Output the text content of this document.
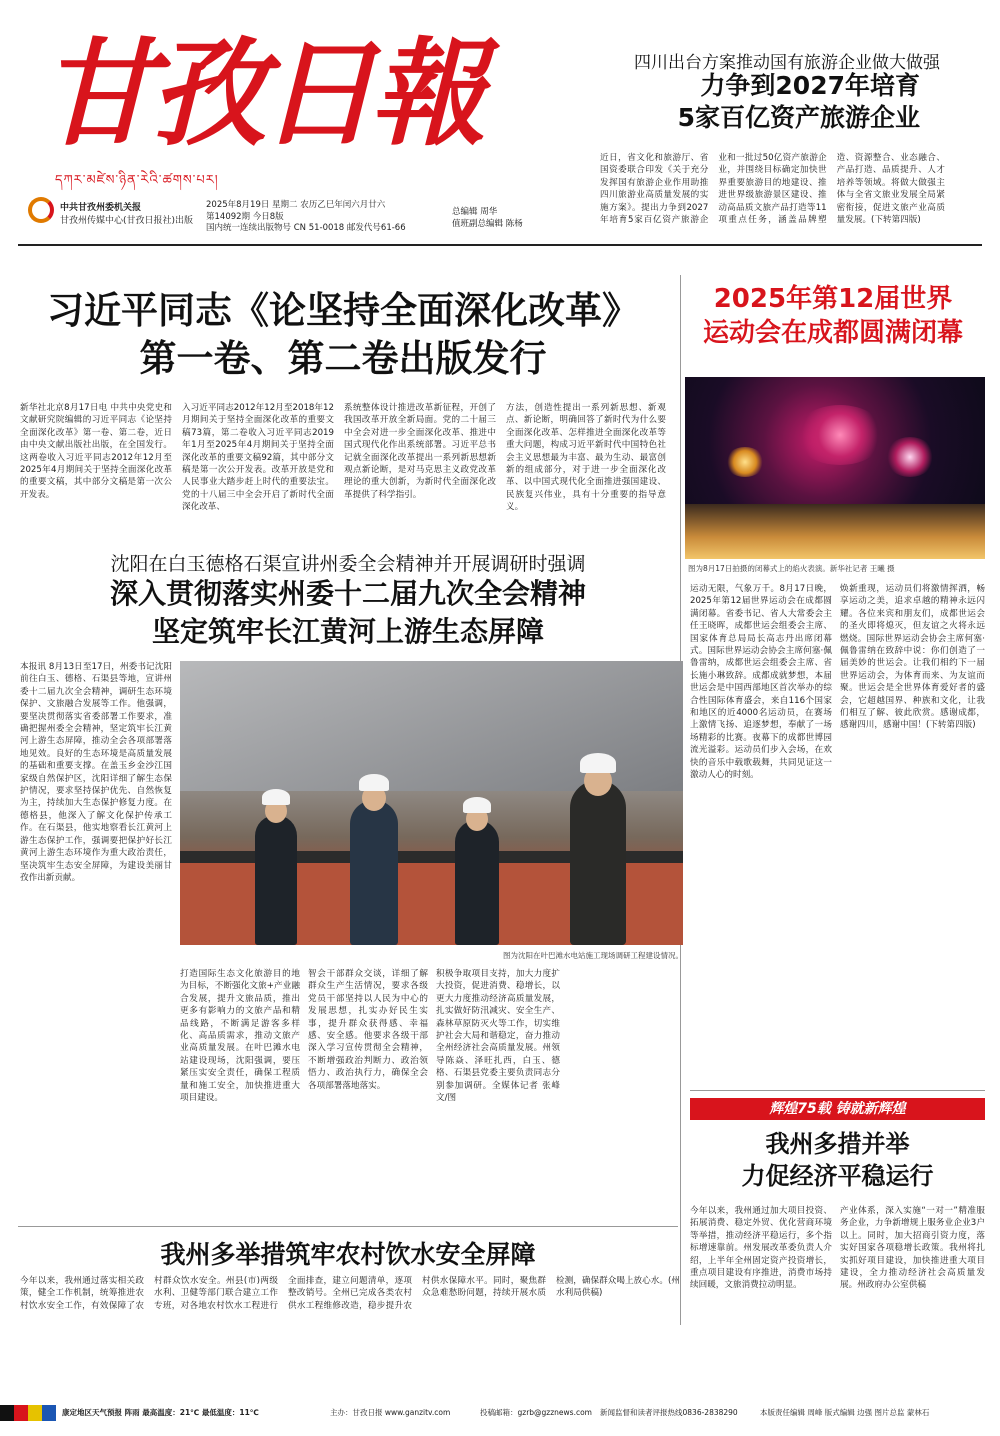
甘孜日報
དཀར་མཛེས་ཉིན་རེའི་ཚགས་པར།
中共甘孜州委机关报
甘孜州传媒中心(甘孜日报社)出版
2025年8月19日 星期二 农历乙巳年闰六月廿六
第14092期 今日8版
国内统一连续出版物号 CN 51-0018 邮发代号61-66
总编辑 周华
值班副总编辑 陈杨
四川出台方案推动国有旅游企业做大做强
力争到2027年培育
5家百亿资产旅游企业
近日，省文化和旅游厅、省国资委联合印发《关于充分发挥国有旅游企业作用助推四川旅游业高质量发展的实施方案》。提出力争到2027年培育5家百亿资产旅游企业和一批过50亿资产旅游企业，并围绕目标确定加快世界重要旅游目的地建设、推进世界级旅游景区建设、推动高品质文旅产品打造等11项重点任务，涵盖品牌塑造、资源整合、业态融合、产品打造、品质提升、人才培养等领域。将做大做强主体与全省文旅业发展全局紧密衔接，促进文旅产业高质量发展。(下转第四版)
习近平同志《论坚持全面深化改革》
第一卷、第二卷出版发行
新华社北京8月17日电 中共中央党史和文献研究院编辑的习近平同志《论坚持全面深化改革》第一卷、第二卷，近日由中央文献出版社出版，在全国发行。这两卷收入习近平同志2012年12月至2025年4月期间关于坚持全面深化改革的重要文稿，其中部分文稿是第一次公开发表。
入习近平同志2012年12月至2018年12月期间关于坚持全面深化改革的重要文稿73篇，第二卷收入习近平同志2019年1月至2025年4月期间关于坚持全面深化改革的重要文稿92篇，其中部分文稿是第一次公开发表。改革开放是党和人民事业大踏步赶上时代的重要法宝。党的十八届三中全会开启了新时代全面深化改革、
系统整体设计推进改革新征程，开创了我国改革开放全新局面。党的二十届三中全会对进一步全面深化改革、推进中国式现代化作出系统部署。习近平总书记就全面深化改革提出一系列新思想新观点新论断，是对马克思主义政党改革理论的重大创新，为新时代全面深化改革提供了科学指引。
方法，创造性提出一系列新思想、新观点、新论断，明确回答了新时代为什么要全面深化改革、怎样推进全面深化改革等重大问题，构成习近平新时代中国特色社会主义思想最为丰富、最为生动、最富创新的组成部分，对于进一步全面深化改革、以中国式现代化全面推进强国建设、民族复兴伟业，具有十分重要的指导意义。
2025年第12届世界
运动会在成都圆满闭幕
图为8月17日拍摄的闭幕式上的焰火表演。新华社记者 王曦 摄
运动无限，气象万千。8月17日晚，2025年第12届世界运动会在成都圆满闭幕。省委书记、省人大常委会主任王晓晖，成都世运会组委会主席、国家体育总局局长高志丹出席闭幕式。国际世界运动会协会主席何塞·佩鲁雷纳，成都世运会组委会主席、省长施小琳致辞。成都成就梦想，本届世运会是中国西部地区首次举办的综合性国际体育盛会，来自116个国家和地区的近4000名运动员，在赛场上激情飞扬、追逐梦想，奉献了一场场精彩的比赛。夜幕下的成都世博园流光溢彩。运动员们步入会场，在欢快的音乐中载歌载舞，共同见证这一激动人心的时刻。
焕新重现，运动员们将激情挥洒，畅享运动之美，追求卓越的精神永远闪耀。各位来宾和朋友们，成都世运会的圣火即将熄灭，但友谊之火将永远燃烧。国际世界运动会协会主席何塞·佩鲁雷纳在致辞中说：你们创造了一届美妙的世运会。让我们相约下一届世界运动会，为体育而来、为友谊而聚。世运会是全世界体育爱好者的盛会，它超越国界、种族和文化，让我们相互了解、彼此欣赏。感谢成都，感谢四川，感谢中国！(下转第四版)
沈阳在白玉德格石渠宣讲州委全会精神并开展调研时强调
深入贯彻落实州委十二届九次全会精神
坚定筑牢长江黄河上游生态屏障
本报讯 8月13日至17日，州委书记沈阳前往白玉、德格、石渠县等地，宣讲州委十二届九次全会精神，调研生态环境保护、文旅融合发展等工作。他强调，要坚决贯彻落实省委部署工作要求，准确把握州委全会精神，坚定筑牢长江黄河上游生态屏障，推动全会各项部署落地见效。良好的生态环境是高质量发展的基础和重要支撑。在盖玉乡金沙江国家级自然保护区，沈阳详细了解生态保护情况，要求坚持保护优先、自然恢复为主，持续加大生态保护修复力度。在德格县，他深入了解文化保护传承工作。在石渠县，他实地察看长江黄河上游生态保护工作，强调要把保护好长江黄河上游生态环境作为重大政治责任，坚决筑牢生态安全屏障，为建设美丽甘孜作出新贡献。
图为沈阳在叶巴滩水电站施工现场调研工程建设情况。
打造国际生态文化旅游目的地为目标，不断强化文旅+产业融合发展，提升文旅品质，推出更多有影响力的文旅产品和精品线路，不断满足游客多样化、高品质需求，推动文旅产业高质量发展。在叶巴滩水电站建设现场，沈阳强调，要压紧压实安全责任，确保工程质量和施工安全，加快推进重大项目建设。
智会干部群众交谈，详细了解群众生产生活情况，要求各级党员干部坚持以人民为中心的发展思想，扎实办好民生实事，提升群众获得感、幸福感、安全感。他要求各级干部深入学习宣传贯彻全会精神，不断增强政治判断力、政治领悟力、政治执行力，确保全会各项部署落地落实。
积极争取项目支持，加大力度扩大投资，促进消费、稳增长，以更大力度推动经济高质量发展，扎实做好防汛减灾、安全生产、森林草原防灭火等工作，切实维护社会大局和谐稳定，奋力推动全州经济社会高质量发展。州领导陈焱、泽旺扎西，白玉、德格、石渠县党委主要负责同志分别参加调研。全媒体记者 张峰 文/图
辉煌75载 铸就新辉煌
我州多措并举
力促经济平稳运行
今年以来，我州通过加大项目投资、拓展消费、稳定外贸、优化营商环境等举措，推动经济平稳运行，多个指标增速靠前。州发展改革委负责人介绍，上半年全州固定资产投资增长，重点项目建设有序推进，消费市场持续回暖，文旅消费拉动明显。
产业体系，深入实施“一对一”精准服务企业，力争新增规上服务业企业3户以上。同时，加大招商引资力度，落实好国家各项稳增长政策。我州将扎实抓好项目建设，加快推进重大项目建设，全力推动经济社会高质量发展。州政府办公室供稿
我州多举措筑牢农村饮水安全屏障
今年以来，我州通过落实相关政策，健全工作机制，统筹推进农村饮水安全工作，有效保障了农村群众饮水安全。州县(市)两级水利、卫健等部门联合建立工作专班，对各地农村饮水工程进行全面排查，建立问题清单，逐项整改销号。全州已完成各类农村供水工程维修改造，稳步提升农村供水保障水平。同时，聚焦群众急难愁盼问题，持续开展水质检测，确保群众喝上放心水。(州水利局供稿)
康定地区天气预报 阵雨 最高温度：21℃ 最低温度：11℃	主办：甘孜日报 www.ganzitv.com	投稿邮箱：gzrb@gzznews.com 新闻监督和读者评报热线0836-2838290	本版责任编辑 周峰 版式编辑 边强 图片总监 蒙林石
